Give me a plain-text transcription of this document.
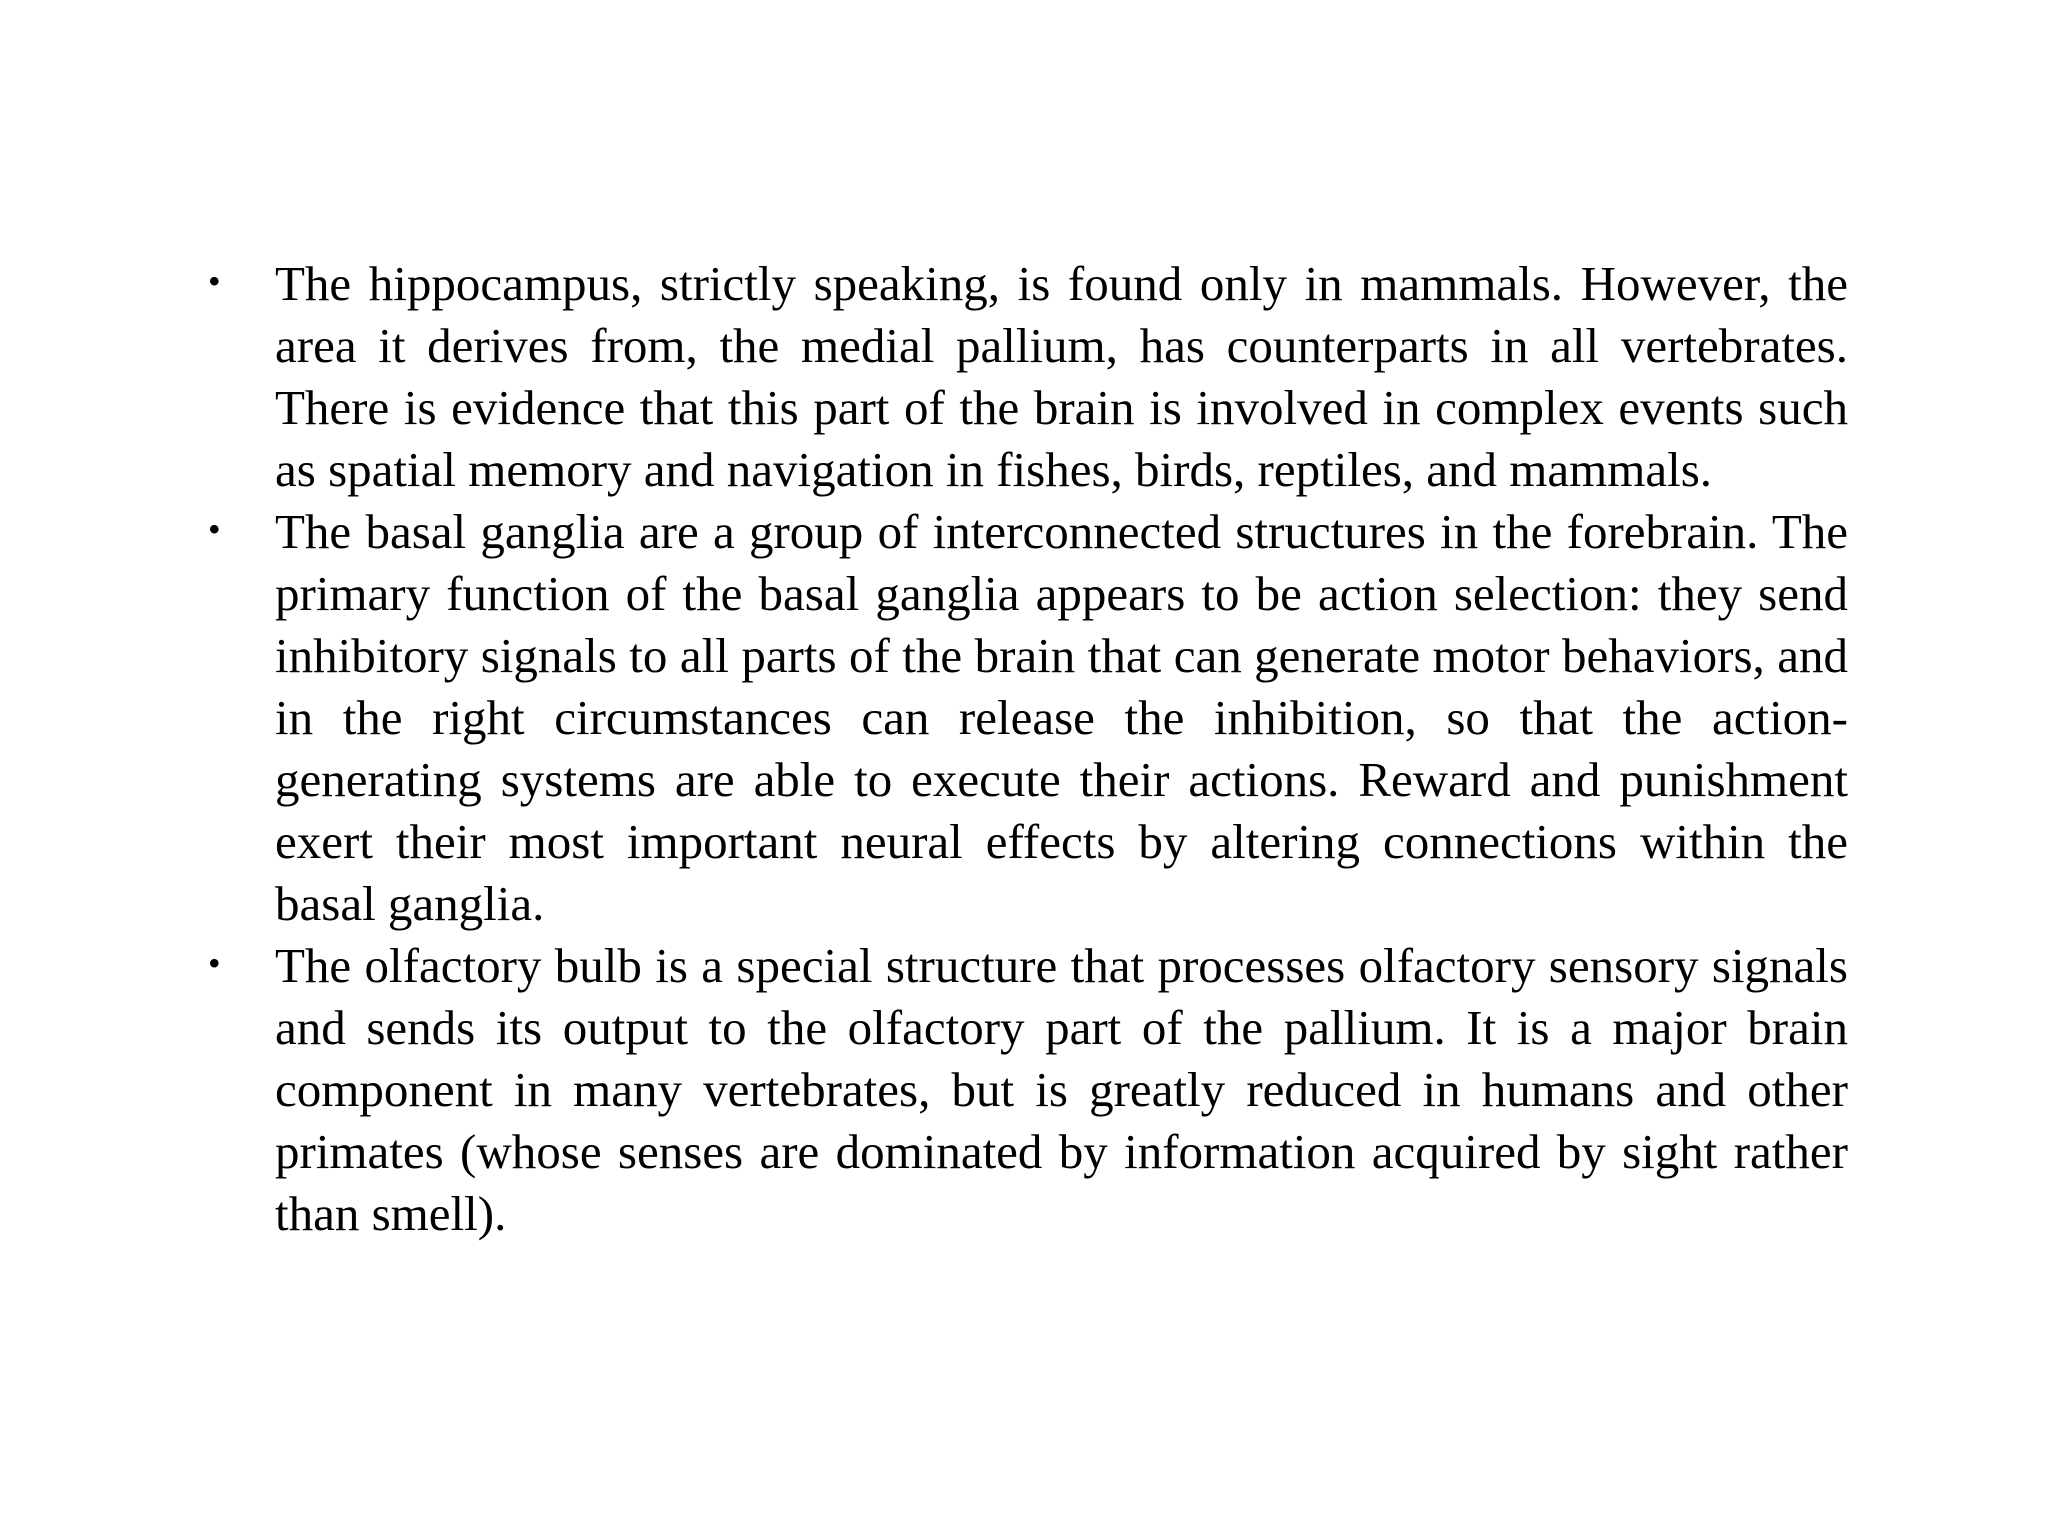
•	The hippocampus, strictly speaking, is found only in mammals. However, the area it derives from, the medial pallium, has counterparts in all vertebrates. There is evidence that this part of the brain is involved in complex events such as spatial memory and navigation in fishes, birds, reptiles, and mammals.
•	The basal ganglia are a group of interconnected structures in the forebrain. The primary function of the basal ganglia appears to be action selection: they send inhibitory signals to all parts of the brain that can generate motor behaviors, and in the right circumstances can release the inhibition, so that the action-generating systems are able to execute their actions. Reward and punishment exert their most important neural effects by altering connections within the basal ganglia.
•	The olfactory bulb is a special structure that processes olfactory sensory signals and sends its output to the olfactory part of the pallium. It is a major brain component in many vertebrates, but is greatly reduced in humans and other primates (whose senses are dominated by information acquired by sight rather than smell).
